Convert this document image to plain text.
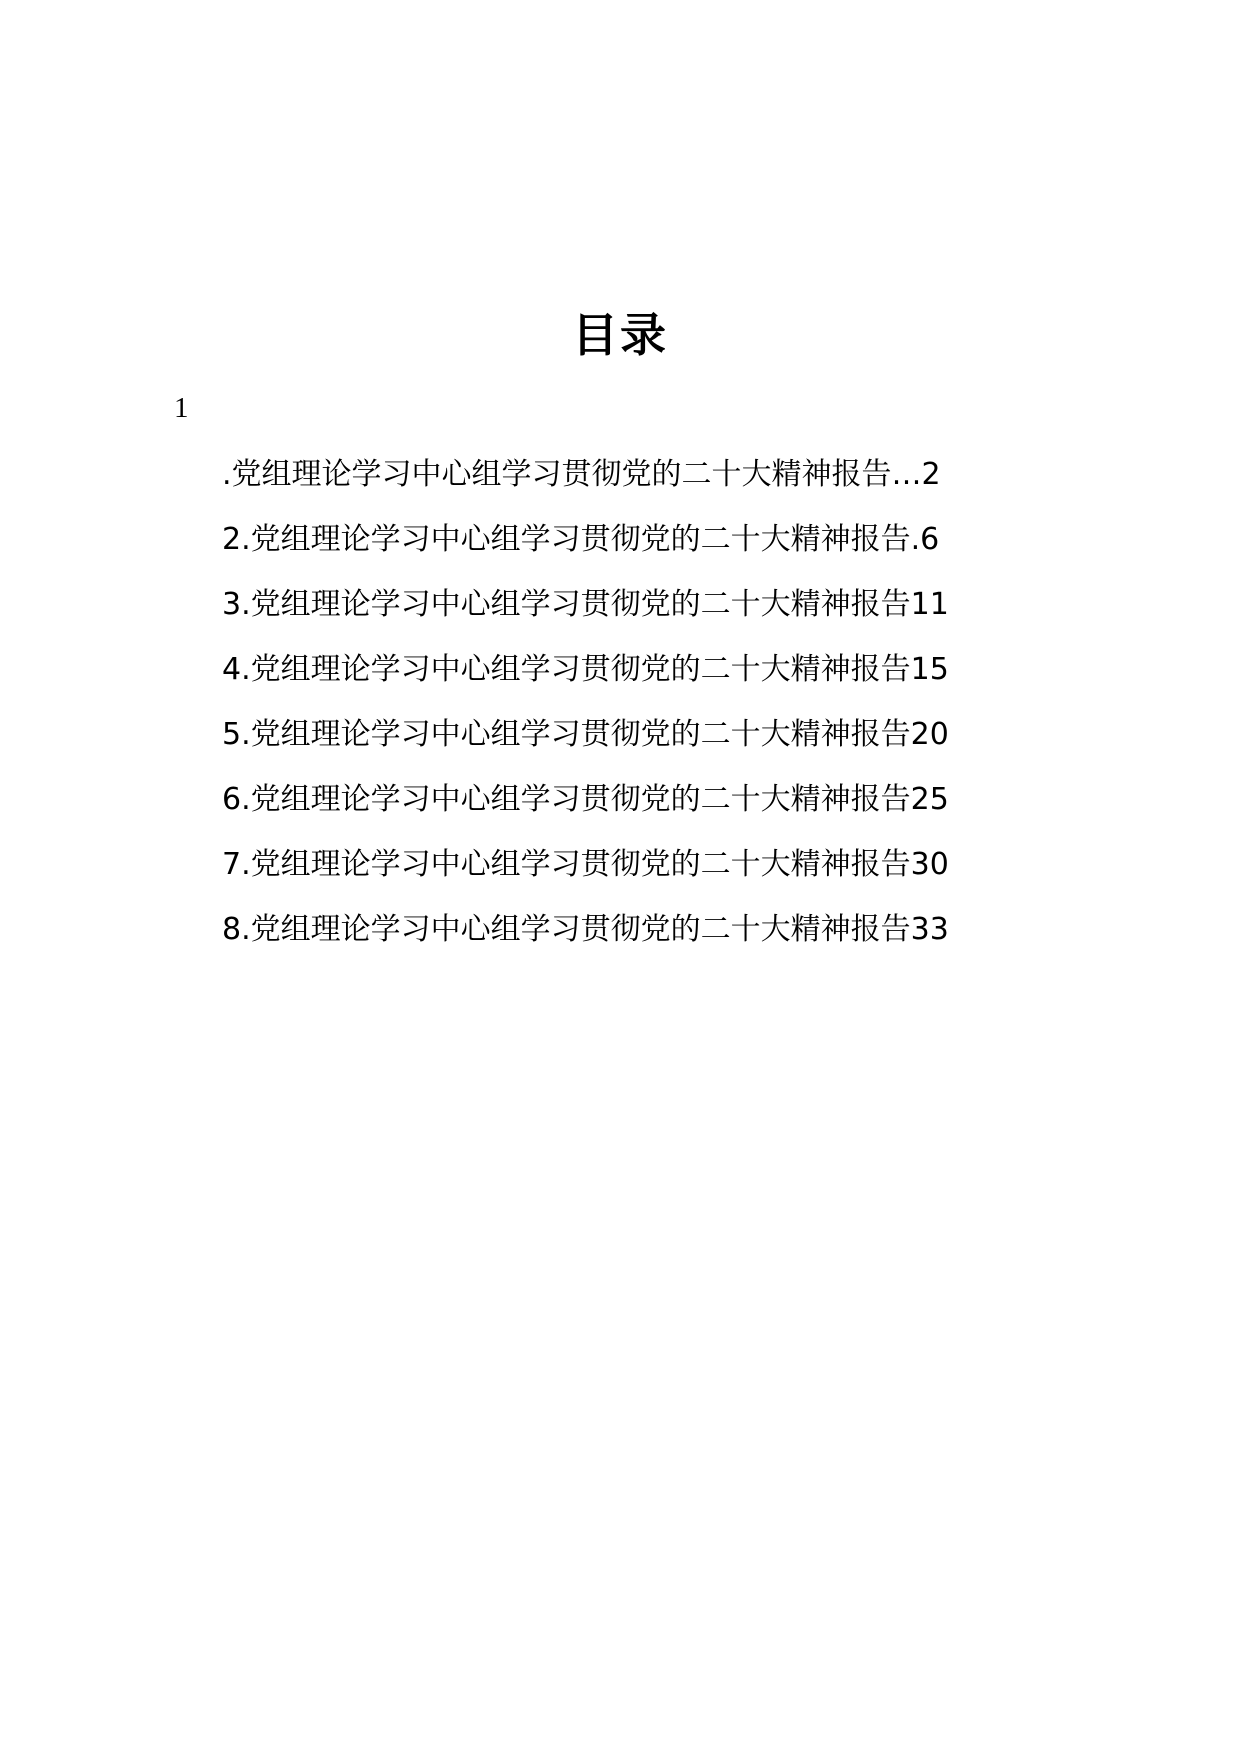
目录
1
.党组理论学习中心组学习贯彻党的二十大精神报告…2
2.党组理论学习中心组学习贯彻党的二十大精神报告.6
3.党组理论学习中心组学习贯彻党的二十大精神报告11
4.党组理论学习中心组学习贯彻党的二十大精神报告15
5.党组理论学习中心组学习贯彻党的二十大精神报告20
6.党组理论学习中心组学习贯彻党的二十大精神报告25
7.党组理论学习中心组学习贯彻党的二十大精神报告30
8.党组理论学习中心组学习贯彻党的二十大精神报告33
